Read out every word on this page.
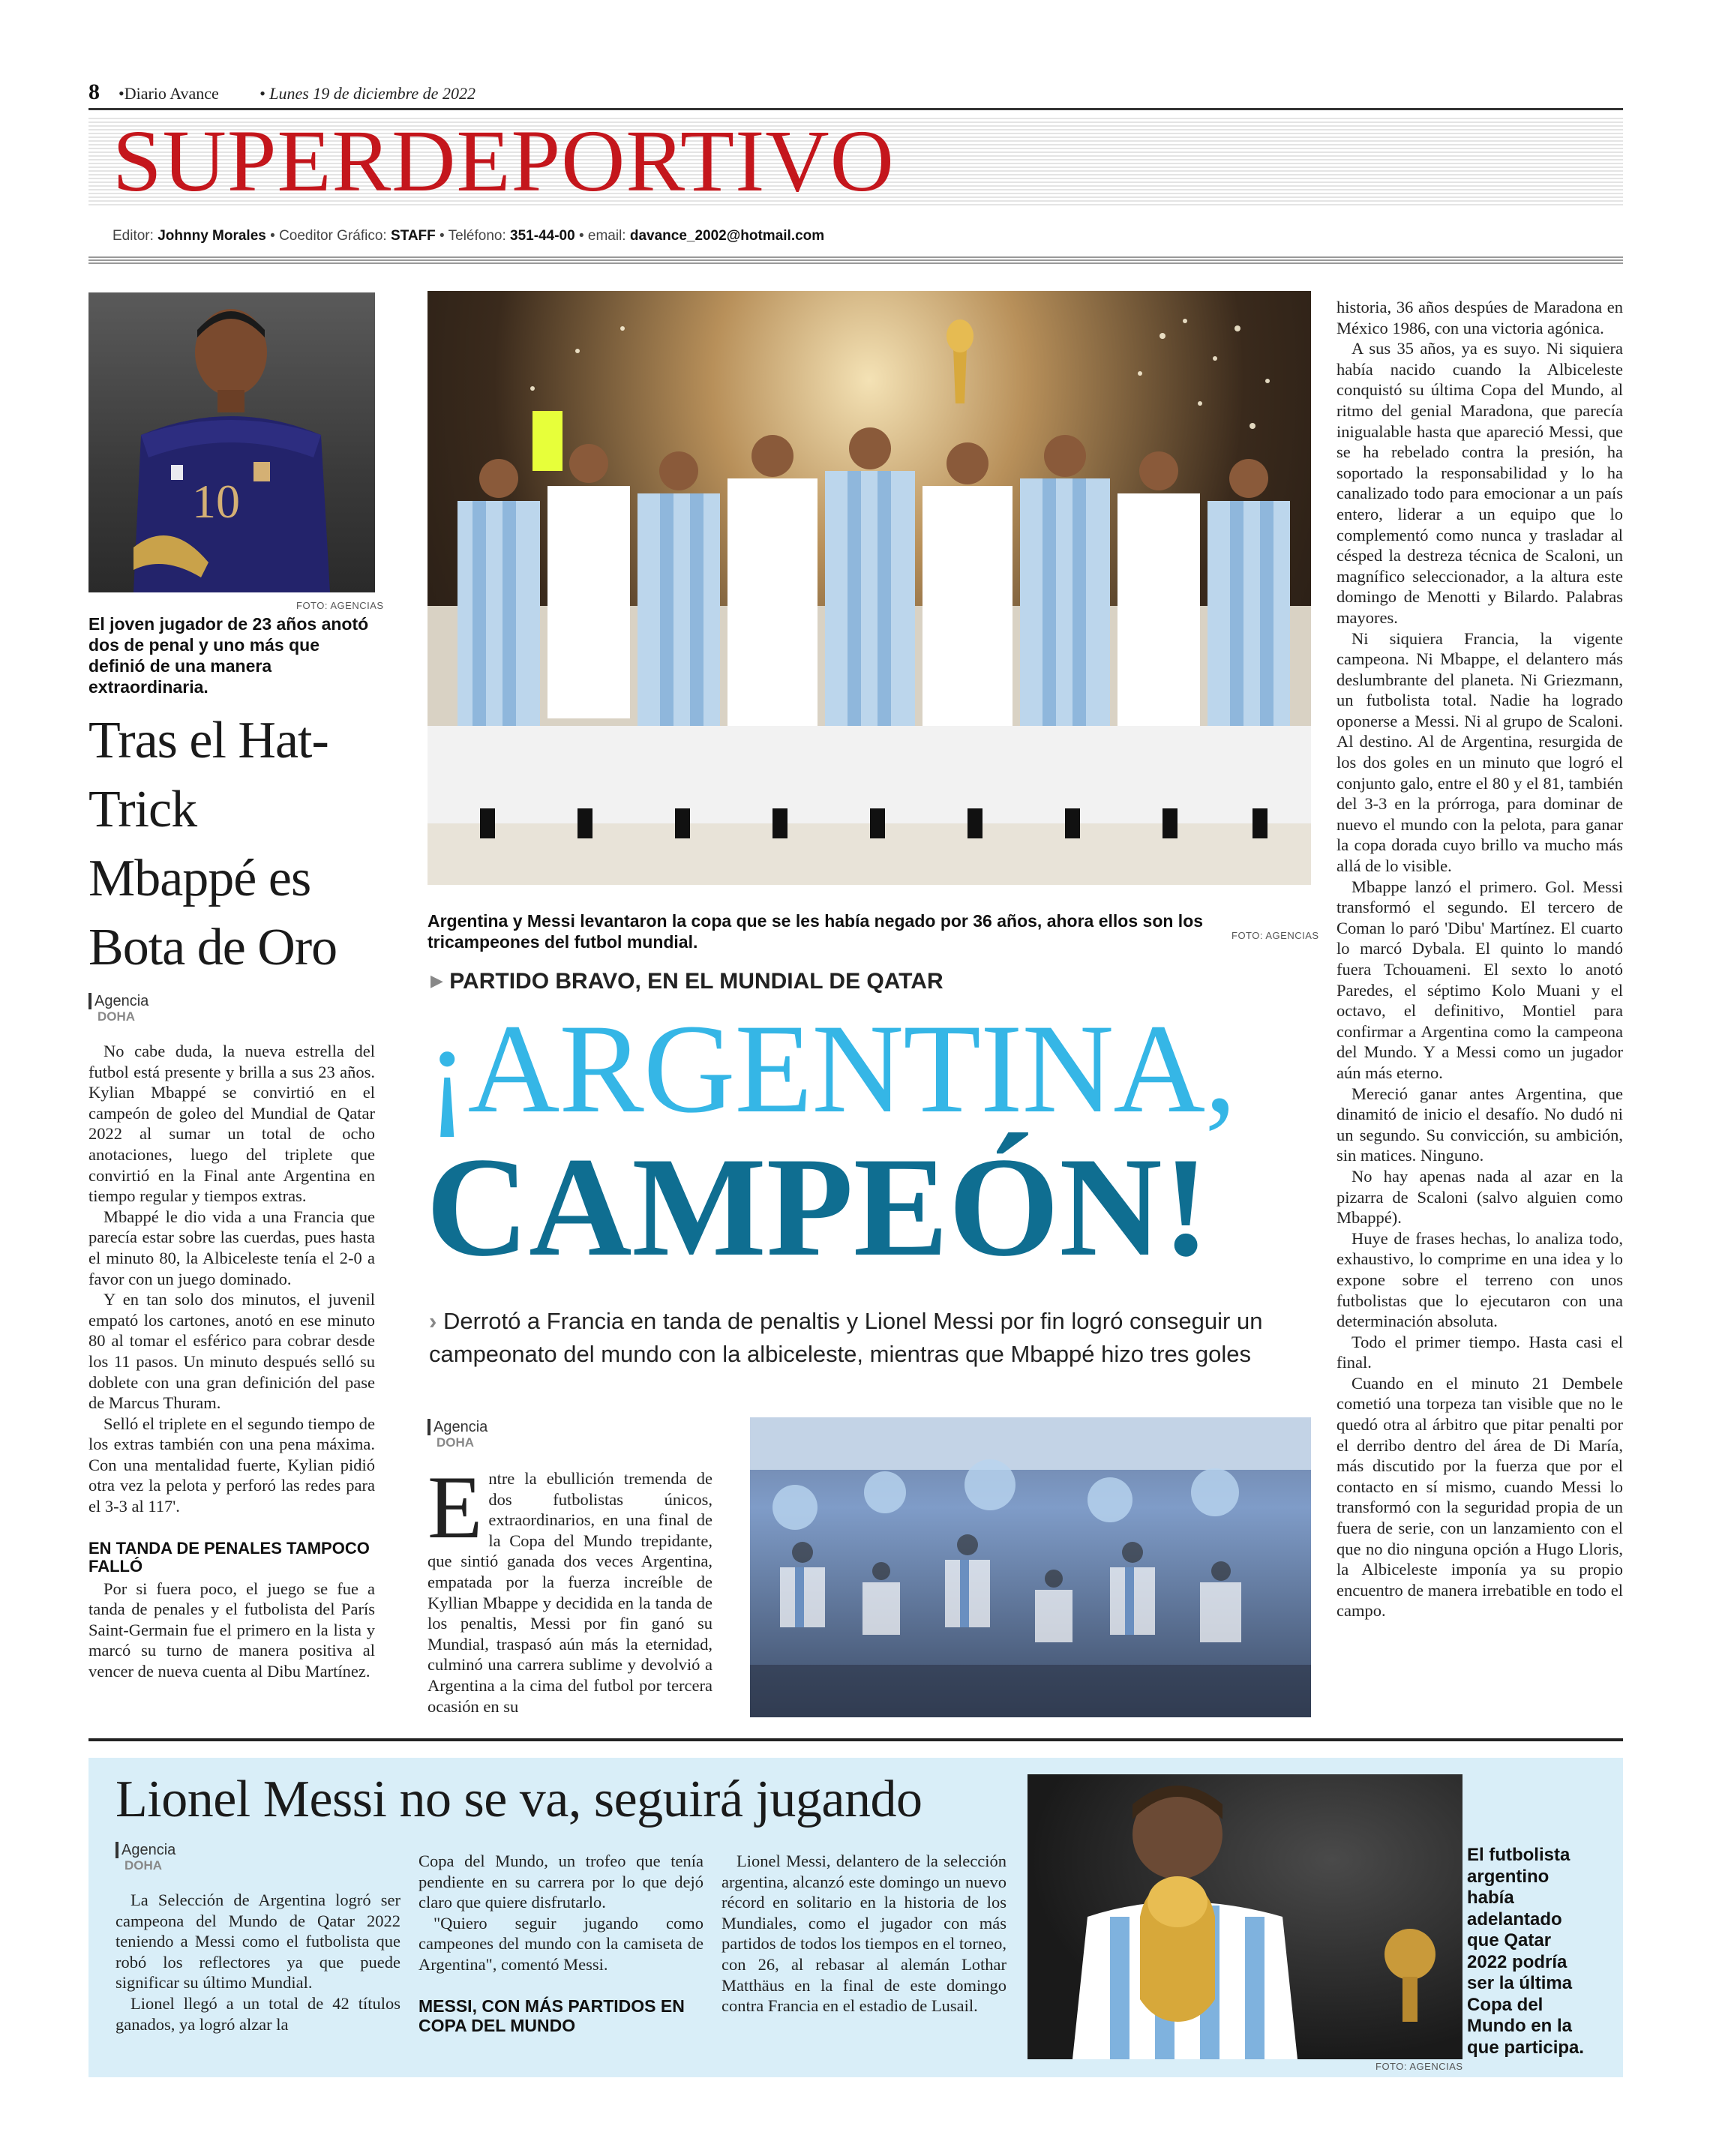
8 •Diario Avance • Lunes 19 de diciembre de 2022
SUPERDEPORTIVO
Editor: Johnny Morales • Coeditor Gráfico: STAFF • Teléfono: 351-44-00 • email: davance_2002@hotmail.com
10
FOTO: AGENCIAS
El joven jugador de 23 años anotó dos de penal y uno más que definió de una manera extraordinaria.
Tras el Hat-Trick Mbappé es Bota de Oro
Agencia
DOHA

No cabe duda, la nueva estrella del futbol está presente y brilla a sus 23 años. Kylian Mbappé se convirtió en el campeón de goleo del Mundial de Qatar 2022 al sumar un total de ocho anotaciones, luego del triplete que convirtió en la Final ante Argentina en tiempo regular y tiempos extras.

Mbappé le dio vida a una Francia que parecía estar sobre las cuerdas, pues hasta el minuto 80, la Albiceleste tenía el 2-0 a favor con un juego dominado.

Y en tan solo dos minutos, el juvenil empató los cartones, anotó en ese minuto 80 al tomar el esférico para cobrar desde los 11 pasos. Un minuto después selló su doblete con una gran definición del pase de Marcus Thuram.

Selló el triplete en el segundo tiempo de los extras también con una pena máxima. Con una mentalidad fuerte, Kylian pidió otra vez la pelota y perforó las redes para el 3-3 al 117'.

EN TANDA DE PENALES TAMPOCO FALLÓ

Por si fuera poco, el juego se fue a tanda de penales y el futbolista del París Saint-Germain fue el primero en la lista y marcó su turno de manera positiva al vencer de nueva cuenta al Dibu Martínez.

Argentina y Messi levantaron la copa que se les había negado por 36 años, ahora ellos son los tricampeones del futbol mundial.	FOTO: AGENCIAS
▶ PARTIDO BRAVO, EN EL MUNDIAL DE QATAR
¡ARGENTINA,
CAMPEÓN!
› Derrotó a Francia en tanda de penaltis y Lionel Messi por fin logró conseguir un campeonato del mundo con la albiceleste, mientras que Mbappé hizo tres goles
Agencia
DOHA
E ntre la ebullición tremenda de dos futbolistas únicos, extraordinarios, en una final de la Copa del Mundo trepidante, que sintió ganada dos veces Argentina, empatada por la fuerza increíble de Kyllian Mbappe y decidida en la tanda de los penaltis, Messi por fin ganó su Mundial, traspasó aún más la eternidad, culminó una carrera sublime y devolvió a Argentina a la cima del futbol por tercera ocasión en su

historia, 36 años despúes de Maradona en México 1986, con una victoria agónica.

A sus 35 años, ya es suyo. Ni siquiera había nacido cuando la Albiceleste conquistó su última Copa del Mundo, al ritmo del genial Maradona, que parecía inigualable hasta que apareció Messi, que se ha rebelado contra la presión, ha soportado la responsabilidad y lo ha canalizado todo para emocionar a un país entero, liderar a un equipo que lo complementó como nunca y trasladar al césped la destreza técnica de Scaloni, un magnífico seleccionador, a la altura este domingo de Menotti y Bilardo. Palabras mayores.

Ni siquiera Francia, la vigente campeona. Ni Mbappe, el delantero más deslumbrante del planeta. Ni Griezmann, un futbolista total. Nadie ha logrado oponerse a Messi. Ni al grupo de Scaloni. Al destino. Al de Argentina, resurgida de los dos goles en un minuto que logró el conjunto galo, entre el 80 y el 81, también del 3-3 en la prórroga, para dominar de nuevo el mundo con la pelota, para ganar la copa dorada cuyo brillo va mucho más allá de lo visible.

Mbappe lanzó el primero. Gol. Messi transformó el segundo. El tercero de Coman lo paró 'Dibu' Martínez. El cuarto lo marcó Dybala. El quinto lo mandó fuera Tchouameni. El sexto lo anotó Paredes, el séptimo Kolo Muani y el octavo, el definitivo, Montiel para confirmar a Argentina como la campeona del Mundo. Y a Messi como un jugador aún más eterno.

Mereció ganar antes Argentina, que dinamitó de inicio el desafío. No dudó ni un segundo. Su convicción, su ambición, sin matices. Ninguno.

No hay apenas nada al azar en la pizarra de Scaloni (salvo alguien como Mbappé).

Huye de frases hechas, lo analiza todo, exhaustivo, lo comprime en una idea y lo expone sobre el terreno con unos futbolistas que lo ejecutaron con una determinación absoluta.

Todo el primer tiempo. Hasta casi el final.

Cuando en el minuto 21 Dembele cometió una torpeza tan visible que no le quedó otra al árbitro que pitar penalti por el derribo dentro del área de Di María, más discutido por la fuerza que por el contacto en sí mismo, cuando Messi lo transformó con la seguridad propia de un fuera de serie, con un lanzamiento con el que no dio ninguna opción a Hugo Lloris, la Albiceleste imponía ya su propio encuentro de manera irrebatible en todo el campo.

Lionel Messi no se va, seguirá jugando
Agencia
DOHA

La Selección de Argentina logró ser campeona del Mundo de Qatar 2022 teniendo a Messi como el futbolista que robó los reflectores ya que puede significar su último Mundial.

Lionel llegó a un total de 42 títulos ganados, ya logró alzar la

Copa del Mundo, un trofeo que tenía pendiente en su carrera por lo que dejó claro que quiere disfrutarlo.

"Quiero seguir jugando como campeones del mundo con la camiseta de Argentina", comentó Messi.

MESSI, CON MÁS PARTIDOS EN COPA DEL MUNDO

Lionel Messi, delantero de la selección argentina, alcanzó este domingo un nuevo récord en solitario en la historia de los Mundiales, como el jugador con más partidos de todos los tiempos en el torneo, con 26, al rebasar al alemán Lothar Matthäus en la final de este domingo contra Francia en el estadio de Lusail.

FOTO: AGENCIAS
El futbolista argentino había adelantado que Qatar 2022 podría ser la última Copa del Mundo en la que participa.
